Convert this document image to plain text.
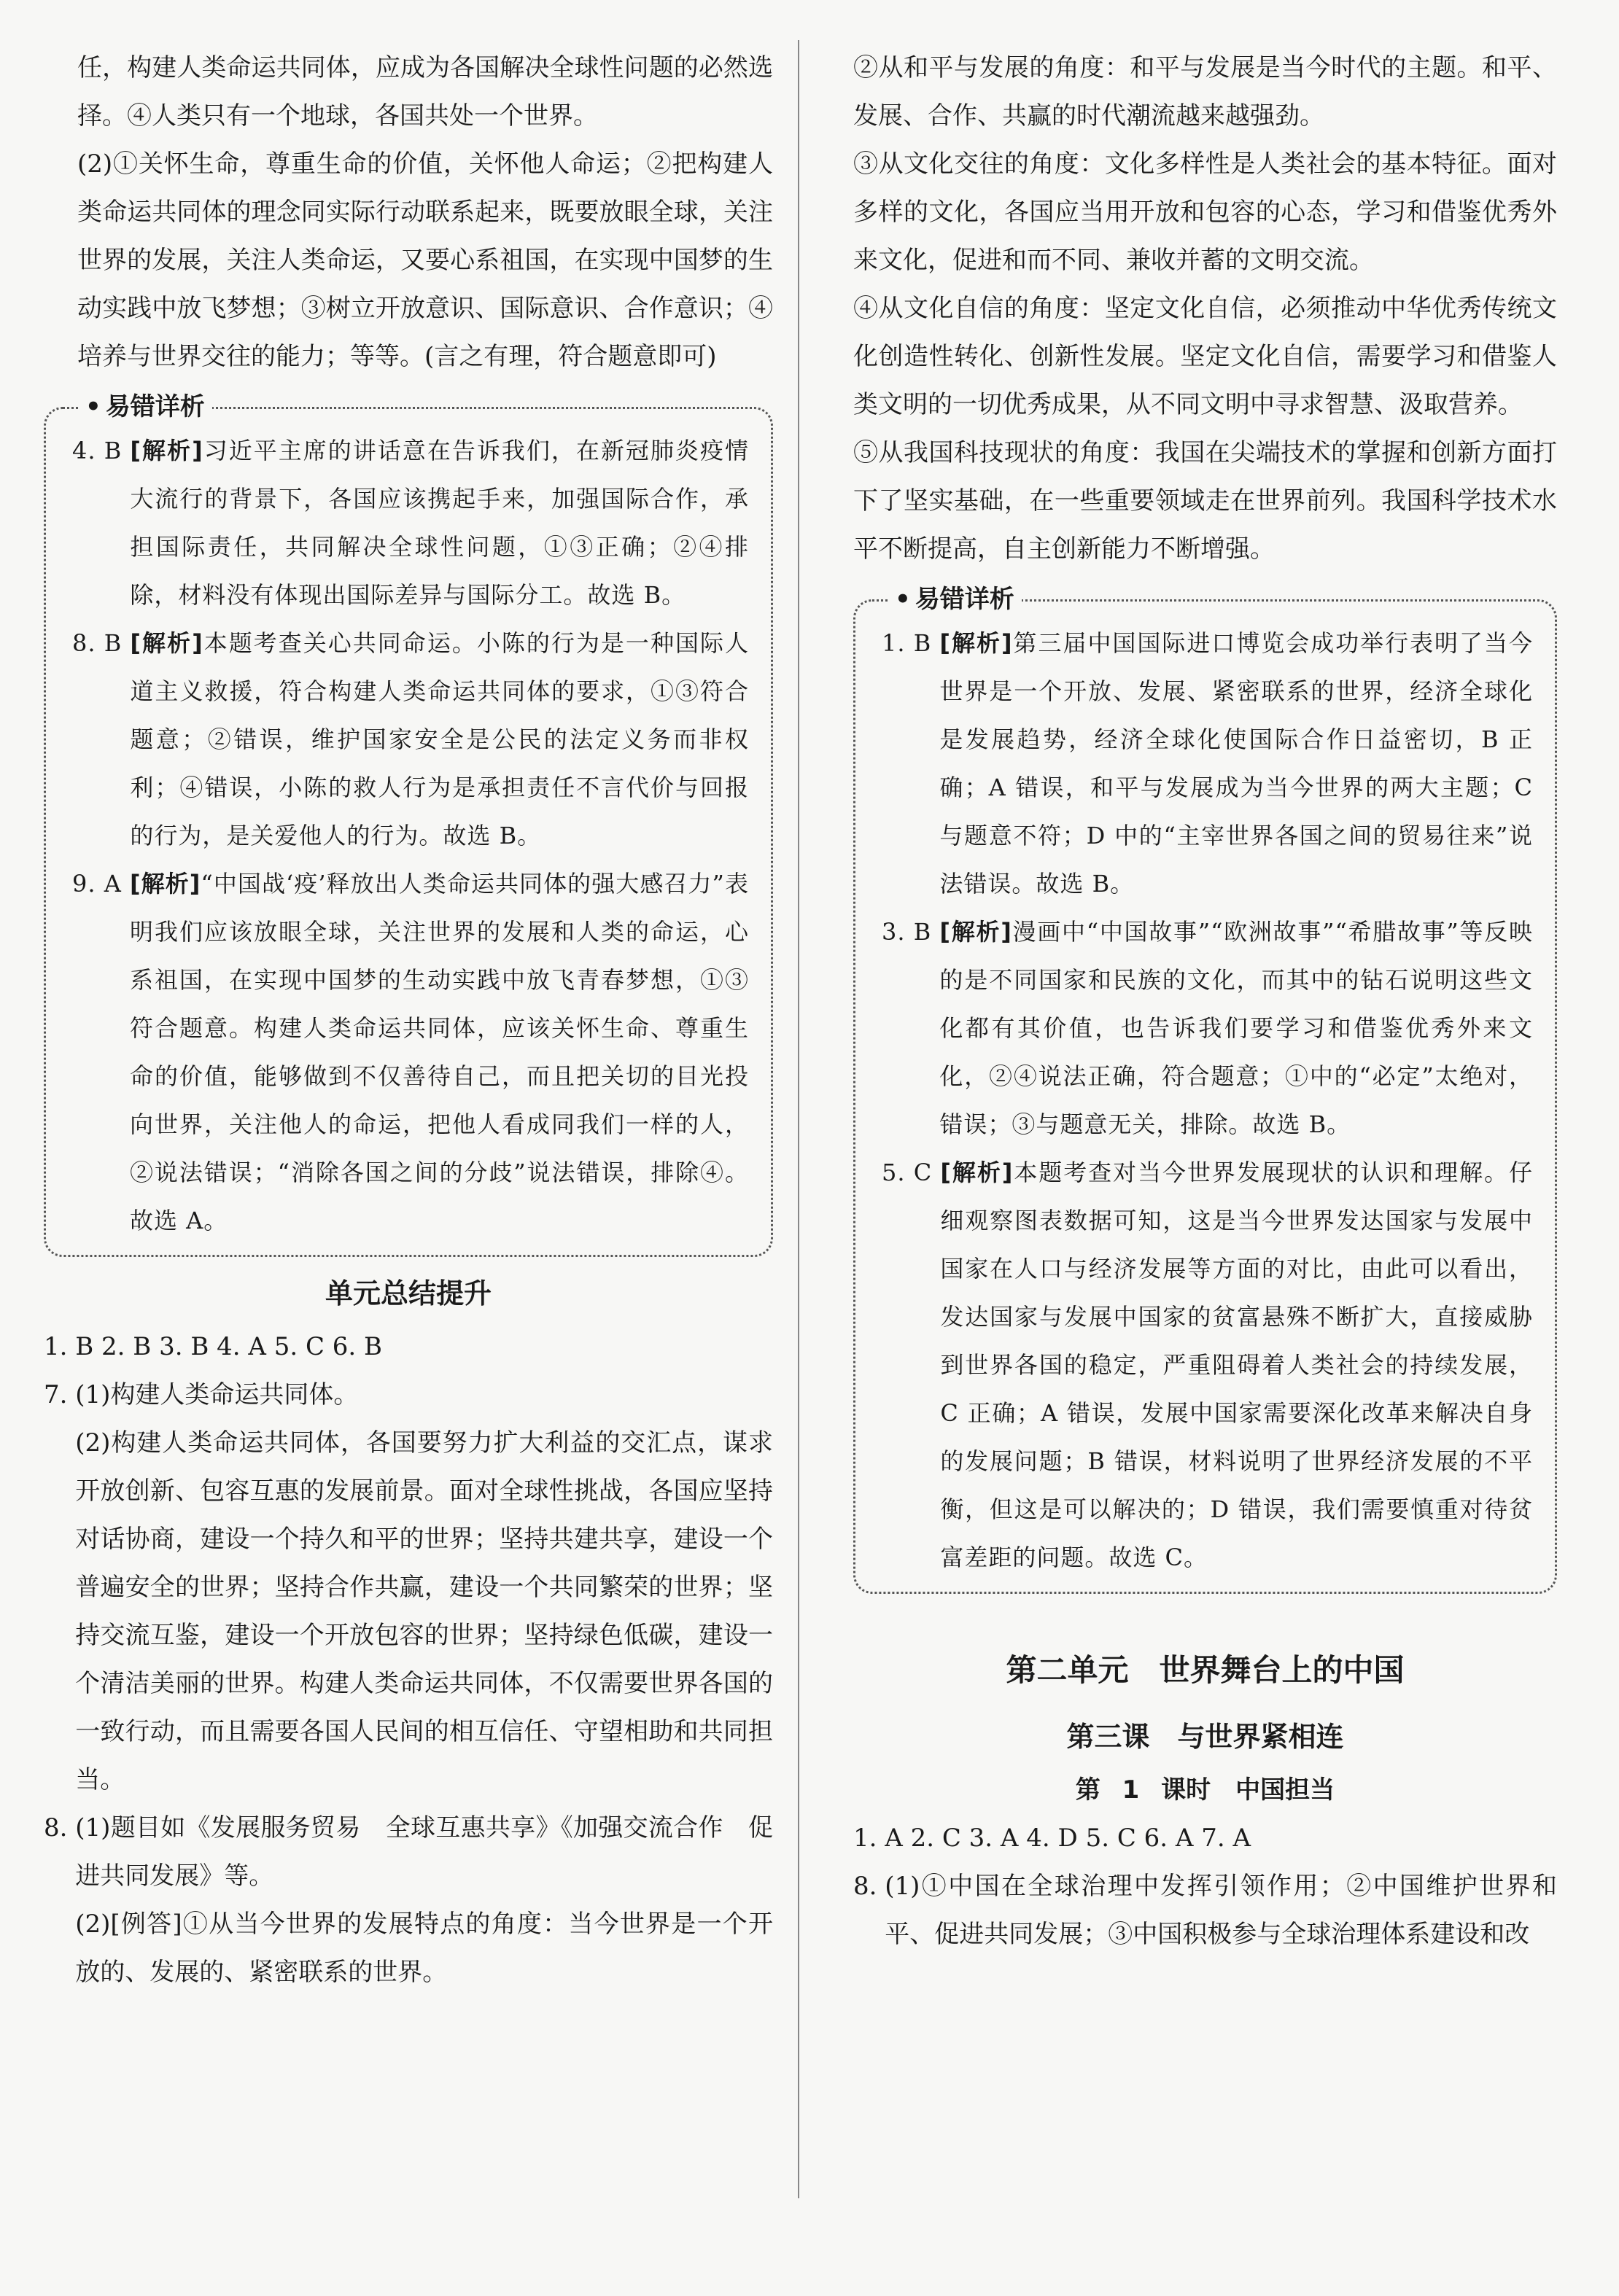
任，构建人类命运共同体，应成为各国解决全球性问题的必然选择。④人类只有一个地球，各国共处一个世界。

(2)①关怀生命，尊重生命的价值，关怀他人命运；②把构建人类命运共同体的理念同实际行动联系起来，既要放眼全球，关注世界的发展，关注人类命运，又要心系祖国，在实现中国梦的生动实践中放飞梦想；③树立开放意识、国际意识、合作意识；④培养与世界交往的能力；等等。(言之有理，符合题意即可)

• 易错详析
4. B [ 解析 ] 习近平主席的讲话意在告诉我们，在新冠肺炎疫情大流行的背景下，各国应该携起手来，加强国际合作，承担国际责任，共同解决全球性问题，①③正确；②④排除，材料没有体现出国际差异与国际分工。故选 B。
8. B [ 解析 ] 本题考查关心共同命运。小陈的行为是一种国际人道主义救援，符合构建人类命运共同体的要求，①③符合题意；②错误，维护国家安全是公民的法定义务而非权利；④错误，小陈的救人行为是承担责任不言代价与回报的行为，是关爱他人的行为。故选 B。
9. A [ 解析 ] “中国战‘疫’释放出人类命运共同体的强大感召力”表明我们应该放眼全球，关注世界的发展和人类的命运，心系祖国，在实现中国梦的生动实践中放飞青春梦想，①③符合题意。构建人类命运共同体，应该关怀生命、尊重生命的价值，能够做到不仅善待自己，而且把关切的目光投向世界，关注他人的命运，把他人看成同我们一样的人，②说法错误；“消除各国之间的分歧”说法错误，排除④。故选 A。
单元总结提升
1. B 2. B 3. B 4. A 5. C 6. B
7. (1)构建人类命运共同体。
(2)构建人类命运共同体，各国要努力扩大利益的交汇点，谋求开放创新、包容互惠的发展前景。面对全球性挑战，各国应坚持对话协商，建设一个持久和平的世界；坚持共建共享，建设一个普遍安全的世界；坚持合作共赢，建设一个共同繁荣的世界；坚持交流互鉴，建设一个开放包容的世界；坚持绿色低碳，建设一个清洁美丽的世界。构建人类命运共同体，不仅需要世界各国的一致行动，而且需要各国人民间的相互信任、守望相助和共同担当。
8. (1)题目如《发展服务贸易　全球互惠共享》《加强交流合作　促进共同发展》等。
(2)[例答]①从当今世界的发展特点的角度：当今世界是一个开放的、发展的、紧密联系的世界。

②从和平与发展的角度：和平与发展是当今时代的主题。和平、发展、合作、共赢的时代潮流越来越强劲。

③从文化交往的角度：文化多样性是人类社会的基本特征。面对多样的文化，各国应当用开放和包容的心态，学习和借鉴优秀外来文化，促进和而不同、兼收并蓄的文明交流。

④从文化自信的角度：坚定文化自信，必须推动中华优秀传统文化创造性转化、创新性发展。坚定文化自信，需要学习和借鉴人类文明的一切优秀成果，从不同文明中寻求智慧、汲取营养。

⑤从我国科技现状的角度：我国在尖端技术的掌握和创新方面打下了坚实基础，在一些重要领域走在世界前列。我国科学技术水平不断提高，自主创新能力不断增强。

• 易错详析
1. B [ 解析 ] 第三届中国国际进口博览会成功举行表明了当今世界是一个开放、发展、紧密联系的世界，经济全球化是发展趋势，经济全球化使国际合作日益密切，B 正确；A 错误，和平与发展成为当今世界的两大主题；C 与题意不符；D 中的“主宰世界各国之间的贸易往来”说法错误。故选 B。
3. B [ 解析 ] 漫画中“中国故事”“欧洲故事”“希腊故事”等反映的是不同国家和民族的文化，而其中的钻石说明这些文化都有其价值，也告诉我们要学习和借鉴优秀外来文化，②④说法正确，符合题意；①中的“必定”太绝对，错误；③与题意无关，排除。故选 B。
5. C [ 解析 ] 本题考查对当今世界发展现状的认识和理解。仔细观察图表数据可知，这是当今世界发达国家与发展中国家在人口与经济发展等方面的对比，由此可以看出，发达国家与发展中国家的贫富悬殊不断扩大，直接威胁到世界各国的稳定，严重阻碍着人类社会的持续发展，C 正确；A 错误，发展中国家需要深化改革来解决自身的发展问题；B 错误，材料说明了世界经济发展的不平衡，但这是可以解决的；D 错误，我们需要慎重对待贫富差距的问题。故选 C。
第二单元　世界舞台上的中国
第三课　与世界紧相连
第 1 课时　中国担当
1. A 2. C 3. A 4. D 5. C 6. A 7. A
8. (1)①中国在全球治理中发挥引领作用；②中国维护世界和平、促进共同发展；③中国积极参与全球治理体系建设和改
